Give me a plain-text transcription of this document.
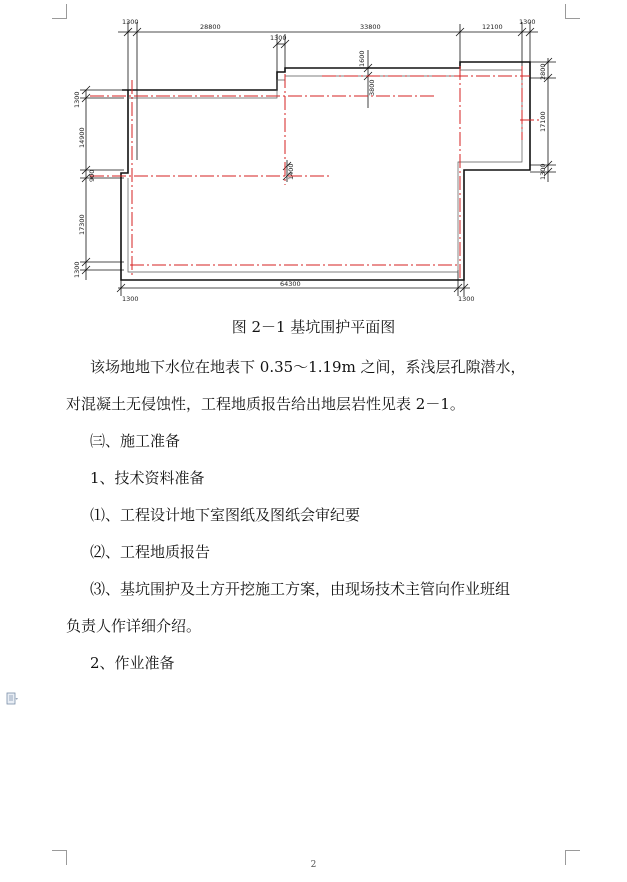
1300
28800
1300
33800	12100
1300
1300
64300
1300
1300
14900
900
17300
1300
2800
17100
1300
1600
3800
1400
图 2－1 基坑围护平面图
该场地地下水位在地表下 0.35～1.19m 之间，系浅层孔隙潜水，
对混凝土无侵蚀性，工程地质报告给出地层岩性见表 2－1。
㈢、施工准备
1、技术资料准备
⑴、工程设计地下室图纸及图纸会审纪要
⑵、工程地质报告
⑶、基坑围护及土方开挖施工方案，由现场技术主管向作业班组
负责人作详细介绍。
2、作业准备
2
